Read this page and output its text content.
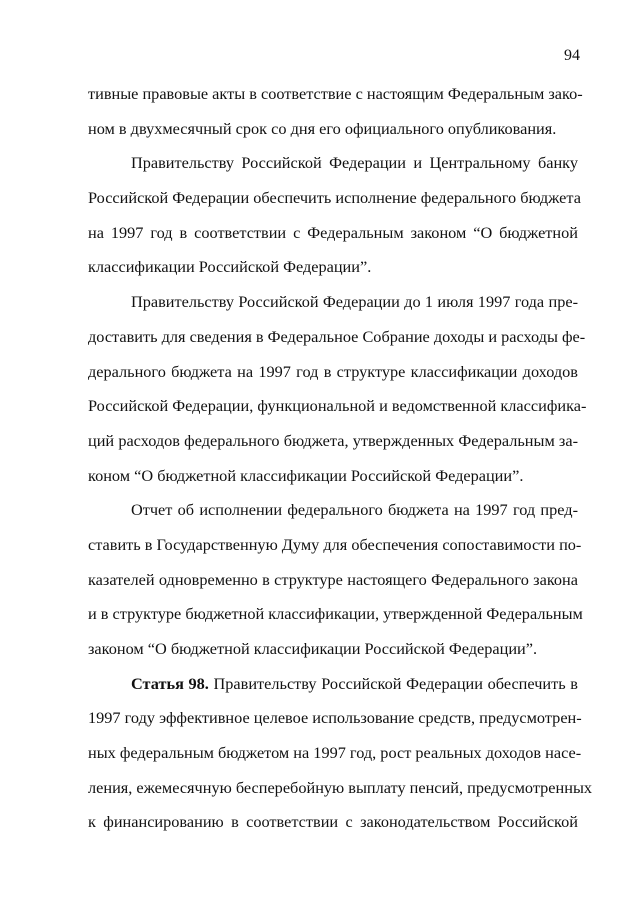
94
тивные правовые акты в соответствие с настоящим Федеральным зако-
ном в двухмесячный срок со дня его официального опубликования.
Правительству Российской Федерации и Центральному банку
Российской Федерации обеспечить исполнение федерального бюджета
на 1997 год в соответствии с Федеральным законом “О бюджетной
классификации Российской Федерации”.
Правительству Российской Федерации до 1 июля 1997 года пре-
доставить для сведения в Федеральное Собрание доходы и расходы фе-
дерального бюджета на 1997 год в структуре классификации доходов
Российской Федерации, функциональной и ведомственной классифика-
ций расходов федерального бюджета, утвержденных Федеральным за-
коном “О бюджетной классификации Российской Федерации”.
Отчет об исполнении федерального бюджета на 1997 год пред-
ставить в Государственную Думу для обеспечения сопоставимости по-
казателей одновременно в структуре настоящего Федерального закона
и в структуре бюджетной классификации, утвержденной Федеральным
законом “О бюджетной классификации Российской Федерации”.
Статья 98. Правительству Российской Федерации обеспечить в
1997 году эффективное целевое использование средств, предусмотрен-
ных федеральным бюджетом на 1997 год, рост реальных доходов насе-
ления, ежемесячную бесперебойную выплату пенсий, предусмотренных
к финансированию в соответствии с законодательством Российской
